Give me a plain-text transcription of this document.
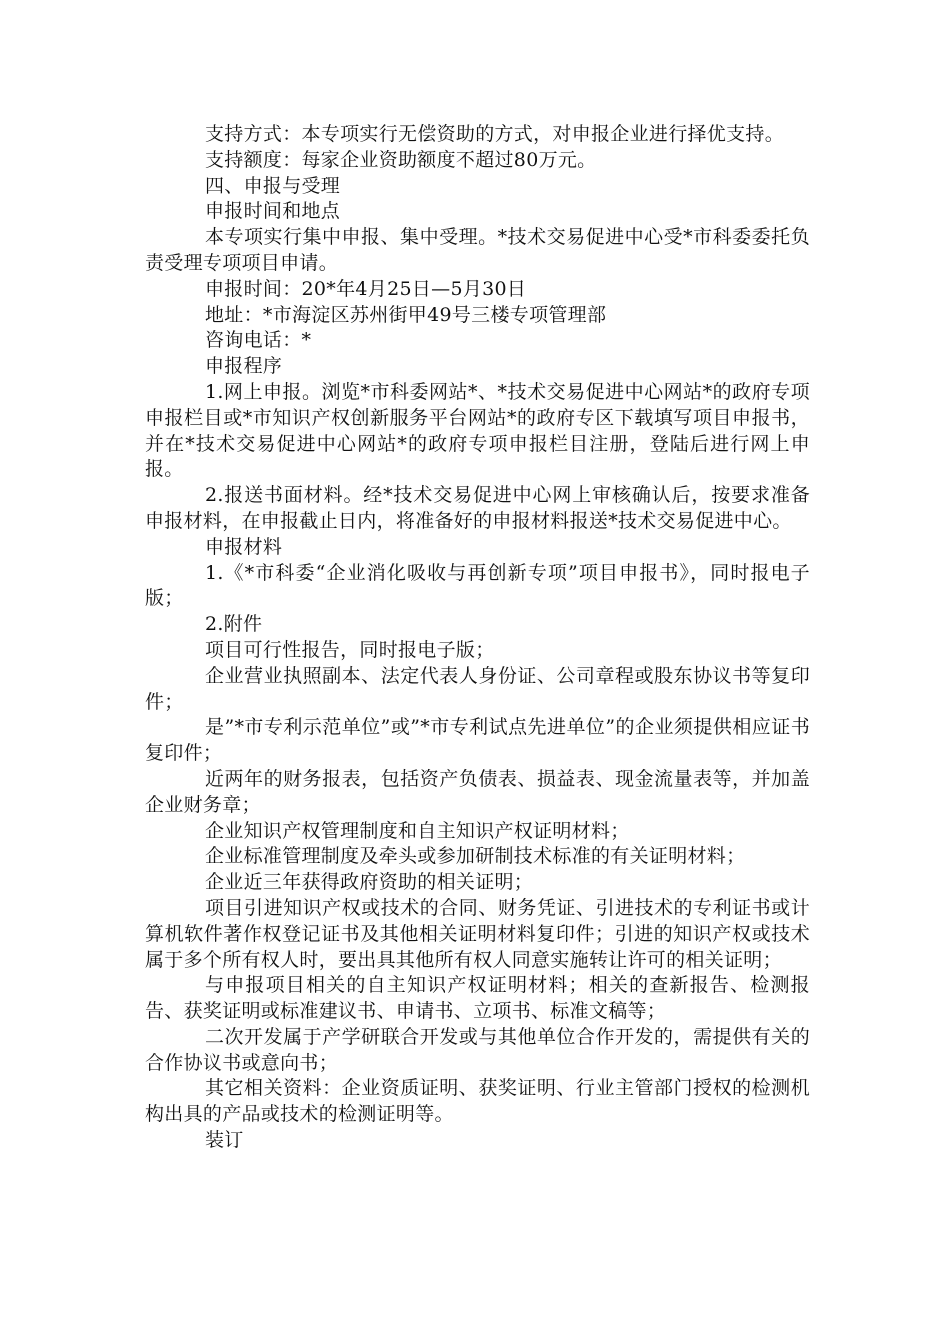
支持方式：本专项实行无偿资助的方式，对申报企业进行择优支持。

支持额度：每家企业资助额度不超过80万元。

四、申报与受理

申报时间和地点

本专项实行集中申报、集中受理。*技术交易促进中心受*市科委委托负责受理专项项目申请。

申报时间：20*年4月25日—5月30日

地址：*市海淀区苏州街甲49号三楼专项管理部

咨询电话：*

申报程序

1.网上申报。浏览*市科委网站*、*技术交易促进中心网站*的政府专项申报栏目或*市知识产权创新服务平台网站*的政府专区下载填写项目申报书，并在*技术交易促进中心网站*的政府专项申报栏目注册，登陆后进行网上申报。

2.报送书面材料。经*技术交易促进中心网上审核确认后，按要求准备申报材料，在申报截止日内，将准备好的申报材料报送*技术交易促进中心。

申报材料

1.《*市科委“企业消化吸收与再创新专项”项目申报书》，同时报电子版；

2.附件

项目可行性报告，同时报电子版；

企业营业执照副本、法定代表人身份证、公司章程或股东协议书等复印件；

是”*市专利示范单位”或”*市专利试点先进单位”的企业须提供相应证书复印件；

近两年的财务报表，包括资产负债表、损益表、现金流量表等，并加盖企业财务章；

企业知识产权管理制度和自主知识产权证明材料；

企业标准管理制度及牵头或参加研制技术标准的有关证明材料；

企业近三年获得政府资助的相关证明；

项目引进知识产权或技术的合同、财务凭证、引进技术的专利证书或计算机软件著作权登记证书及其他相关证明材料复印件；引进的知识产权或技术属于多个所有权人时，要出具其他所有权人同意实施转让许可的相关证明；

与申报项目相关的自主知识产权证明材料；相关的查新报告、检测报告、获奖证明或标准建议书、申请书、立项书、标准文稿等；

二次开发属于产学研联合开发或与其他单位合作开发的，需提供有关的合作协议书或意向书；

其它相关资料：企业资质证明、获奖证明、行业主管部门授权的检测机构出具的产品或技术的检测证明等。

装订
